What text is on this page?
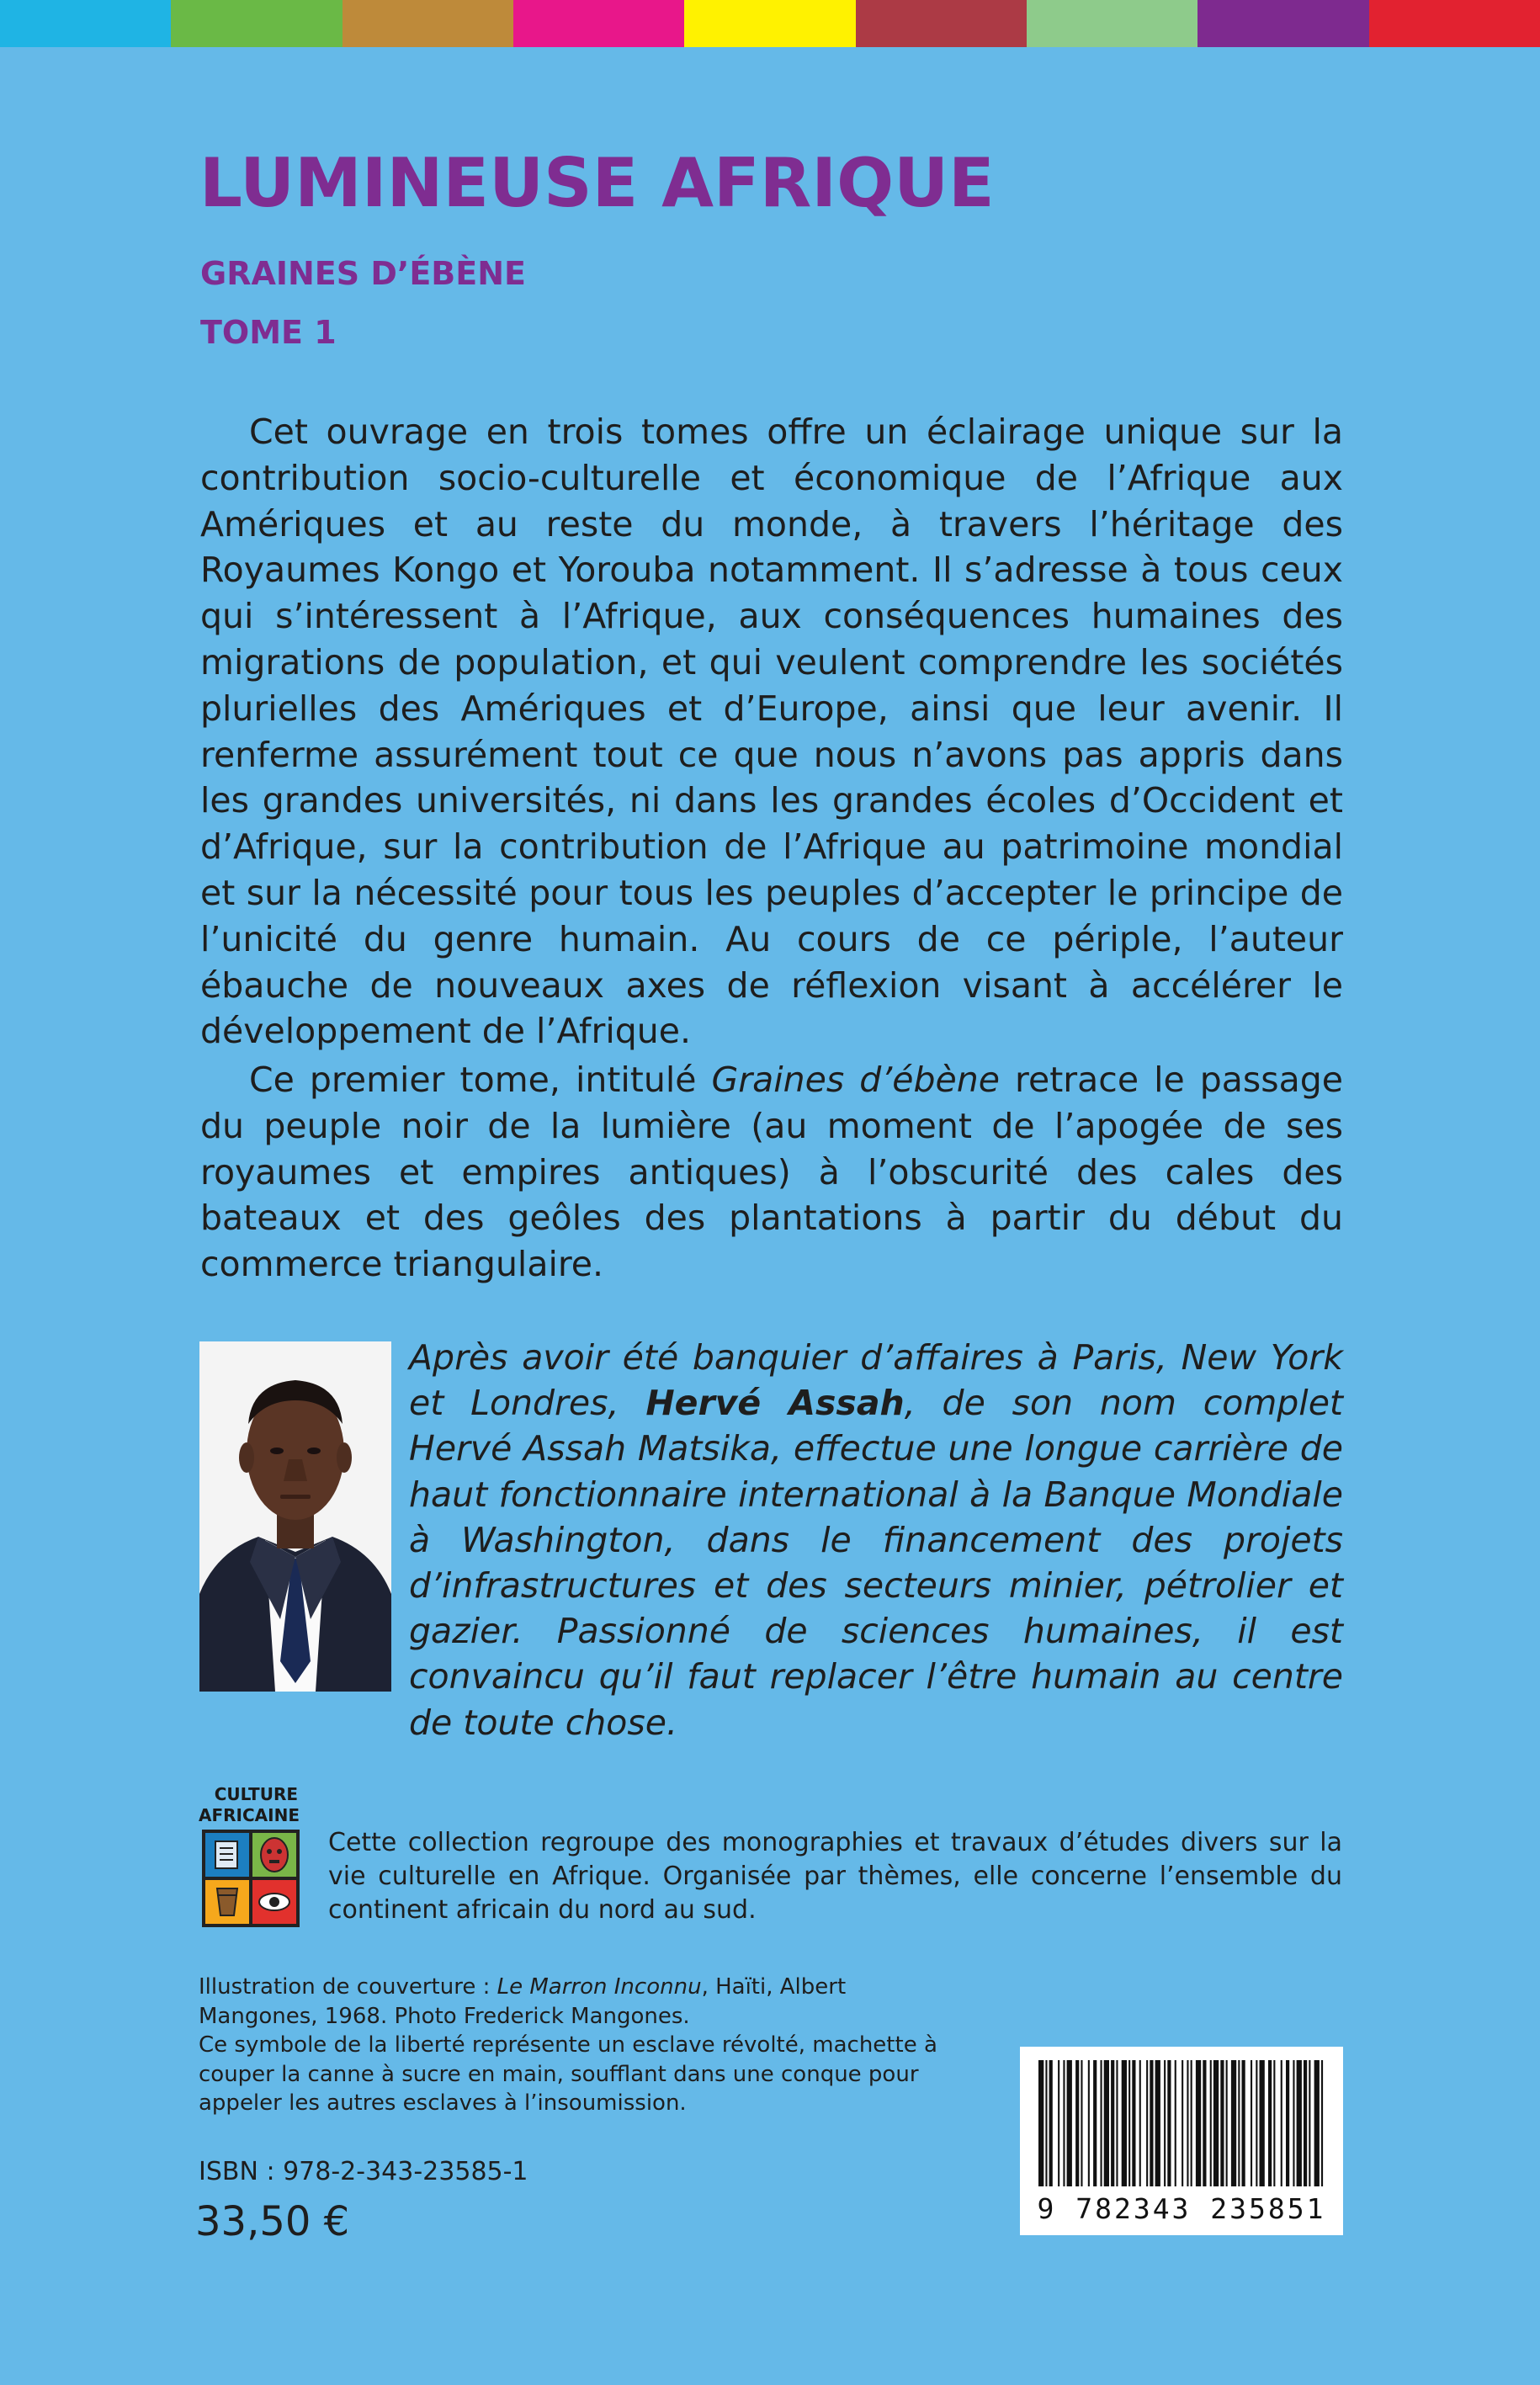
LUMINEUSE AFRIQUE
GRAINES D’ÉBÈNE
TOME 1

Cet ouvrage en trois tomes offre un éclairage unique sur la contribution socio-culturelle et économique de l’Afrique aux Amériques et au reste du monde, à travers l’héritage des Royaumes Kongo et Yorouba notamment. Il s’adresse à tous ceux qui s’intéressent à l’Afrique, aux conséquences humaines des migrations de population, et qui veulent comprendre les sociétés plurielles des Amériques et d’Europe, ainsi que leur avenir. Il renferme assurément tout ce que nous n’avons pas appris dans les grandes universités, ni dans les grandes écoles d’Occident et d’Afrique, sur la contribution de l’Afrique au patrimoine mondial et sur la nécessité pour tous les peuples d’accepter le principe de l’unicité du genre humain. Au cours de ce périple, l’auteur ébauche de nouveaux axes de réflexion visant à accélérer le développement de l’Afrique.

Ce premier tome, intitulé Graines d’ébène retrace le passage du peuple noir de la lumière (au moment de l’apogée de ses royaumes et empires antiques) à l’obscurité des cales des bateaux et des geôles des plantations à partir du début du commerce triangulaire.

Après avoir été banquier d’affaires à Paris, New York et Londres, Hervé Assah, de son nom complet Hervé Assah Matsika, effectue une longue carrière de haut fonctionnaire international à la Banque Mondiale à Washington, dans le financement des projets d’infrastructures et des secteurs minier, pétrolier et gazier. Passionné de sciences humaines, il est convaincu qu’il faut replacer l’être humain au centre de toute chose.

CULTURE
AFRICAINE

Cette collection regroupe des monographies et travaux d’études divers sur la vie culturelle en Afrique. Organisée par thèmes, elle concerne l’ensemble du continent africain du nord au sud.

Illustration de couverture : Le Marron Inconnu, Haïti, Albert Mangones, 1968. Photo Frederick Mangones.
Ce symbole de la liberté représente un esclave révolté, machette à couper la canne à sucre en main, soufflant dans une conque pour appeler les autres esclaves à l’insoumission.

ISBN : 978-2-343-23585-1

33,50 €	9 782343 235851
